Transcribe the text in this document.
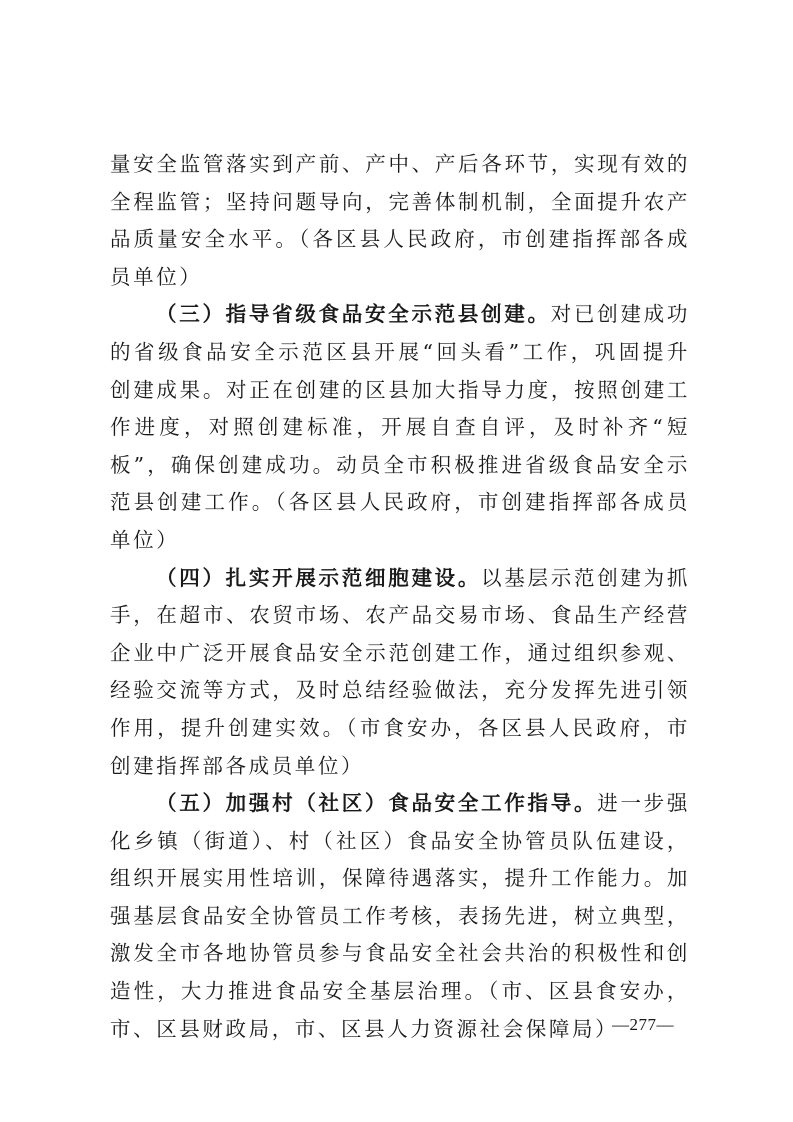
量安全监管落实到产前、产中、产后各环节，实现有效的全程监管；坚持问题导向，完善体制机制，全面提升农产品质量安全水平。（各区县人民政府，市创建指挥部各成员单位）

（三）指导省级食品安全示范县创建。对已创建成功的省级食品安全示范区县开展“回头看”工作，巩固提升创建成果。对正在创建的区县加大指导力度，按照创建工作进度，对照创建标准，开展自查自评，及时补齐“短板”，确保创建成功。动员全市积极推进省级食品安全示范县创建工作。（各区县人民政府，市创建指挥部各成员单位）

（四）扎实开展示范细胞建设。以基层示范创建为抓手，在超市、农贸市场、农产品交易市场、食品生产经营企业中广泛开展食品安全示范创建工作，通过组织参观、经验交流等方式，及时总结经验做法，充分发挥先进引领作用，提升创建实效。（市食安办，各区县人民政府，市创建指挥部各成员单位）

（五）加强村（社区）食品安全工作指导。进一步强化乡镇（街道）、村（社区）食品安全协管员队伍建设，组织开展实用性培训，保障待遇落实，提升工作能力。加强基层食品安全协管员工作考核，表扬先进，树立典型，激发全市各地协管员参与食品安全社会共治的积极性和创造性，大力推进食品安全基层治理。（市、区县食安办，市、区县财政局，市、区县人力资源社会保障局）

—277—
